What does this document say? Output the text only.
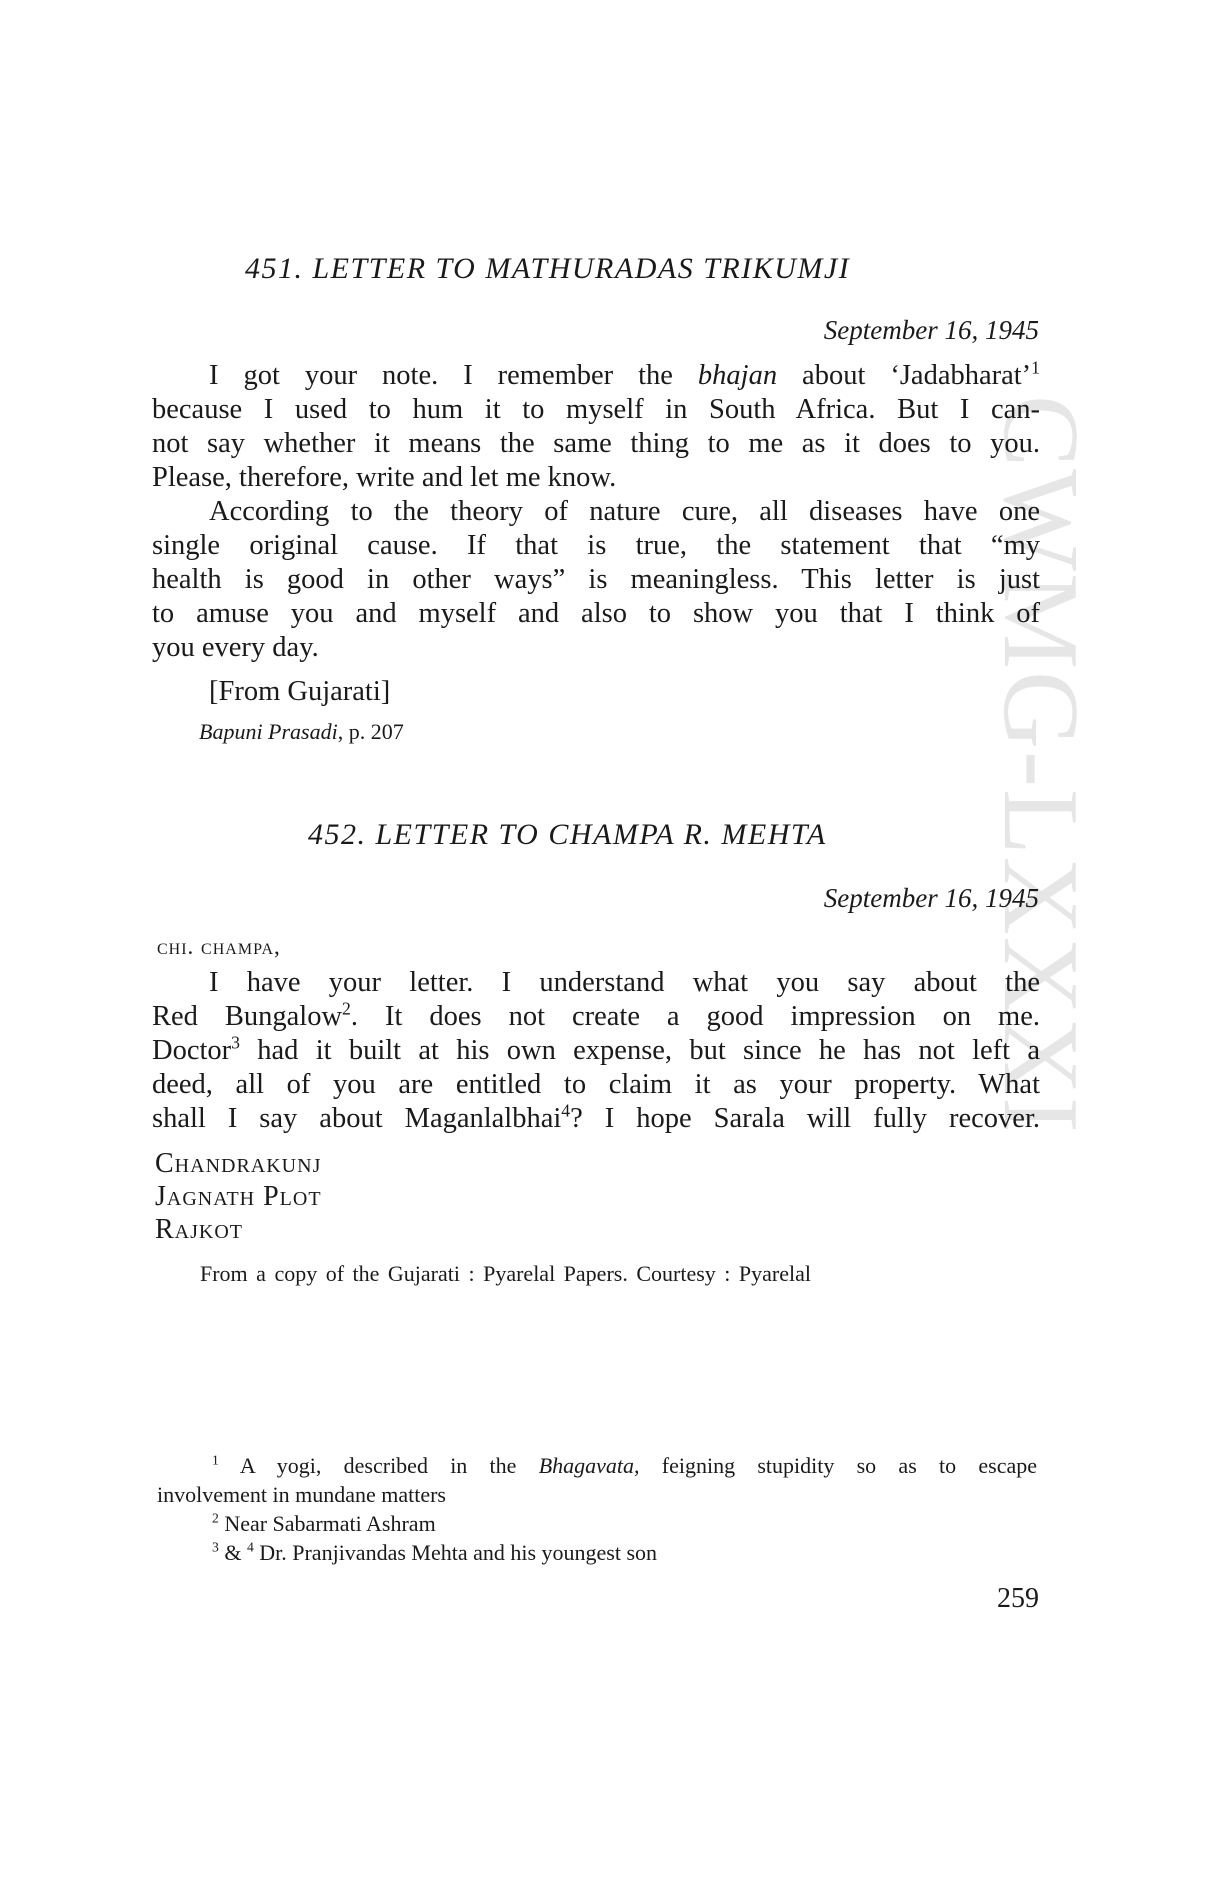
CWMG-LXXXI
451. LETTER TO MATHURADAS TRIKUMJI
September 16, 1945
I got your note. I remember the bhajan about ‘Jadabharat’$^1$
because I used to hum it to myself in South Africa. But I can-
not say whether it means the same thing to me as it does to you.
Please, therefore, write and let me know.
According to the theory of nature cure, all diseases have one
single original cause. If that is true, the statement that “my
health is good in other ways” is meaningless. This letter is just
to amuse you and myself and also to show you that I think of
you every day.
[From Gujarati]
Bapuni Prasadi, p. 207
452. LETTER TO CHAMPA R. MEHTA
September 16, 1945
chi. champa,
I have your letter. I understand what you say about the
Red Bungalow$^2$. It does not create a good impression on me.
Doctor$^3$ had it built at his own expense, but since he has not left a
deed, all of you are entitled to claim it as your property. What
shall I say about Maganlalbhai$^4$? I hope Sarala will fully recover.
Chandrakunj
Jagnath Plot
Rajkot
From a copy of the Gujarati : Pyarelal Papers. Courtesy : Pyarelal
$^1$ A yogi, described in the Bhagavata, feigning stupidity so as to escape
involvement in mundane matters
$^2$ Near Sabarmati Ashram
$^3$ & $^4$ Dr. Pranjivandas Mehta and his youngest son
259
